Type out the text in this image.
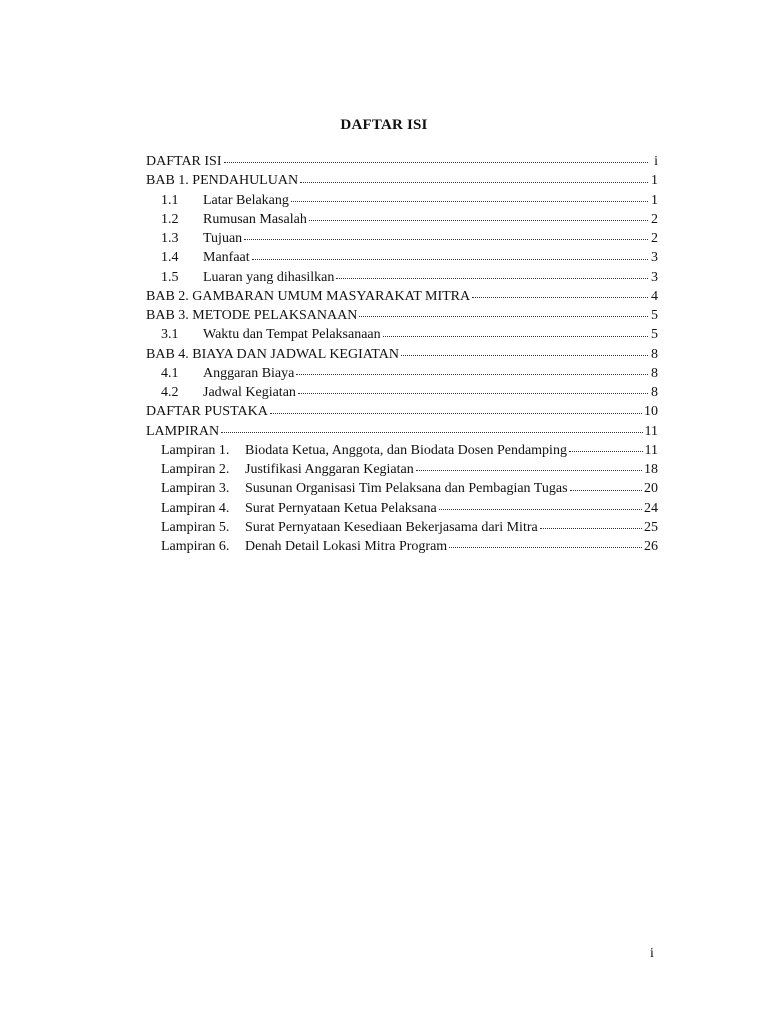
DAFTAR ISI
DAFTAR ISI	i
BAB 1. PENDAHULUAN	1
1.1	Latar Belakang	1
1.2	Rumusan Masalah	2
1.3	Tujuan	2
1.4	Manfaat	3
1.5	Luaran yang dihasilkan	3
BAB 2. GAMBARAN UMUM MASYARAKAT MITRA	4
BAB 3. METODE PELAKSANAAN	5
3.1	Waktu dan Tempat Pelaksanaan	5
BAB 4. BIAYA DAN JADWAL KEGIATAN	8
4.1	Anggaran Biaya	8
4.2	Jadwal Kegiatan	8
DAFTAR PUSTAKA	10
LAMPIRAN	11
Lampiran 1.	Biodata Ketua, Anggota, dan Biodata Dosen Pendamping	11
Lampiran 2.	Justifikasi Anggaran Kegiatan	18
Lampiran 3.	Susunan Organisasi Tim Pelaksana dan Pembagian Tugas	20
Lampiran 4.	Surat Pernyataan Ketua Pelaksana	24
Lampiran 5.	Surat Pernyataan Kesediaan Bekerjasama dari Mitra	25
Lampiran 6.	Denah Detail Lokasi Mitra Program	26
i
